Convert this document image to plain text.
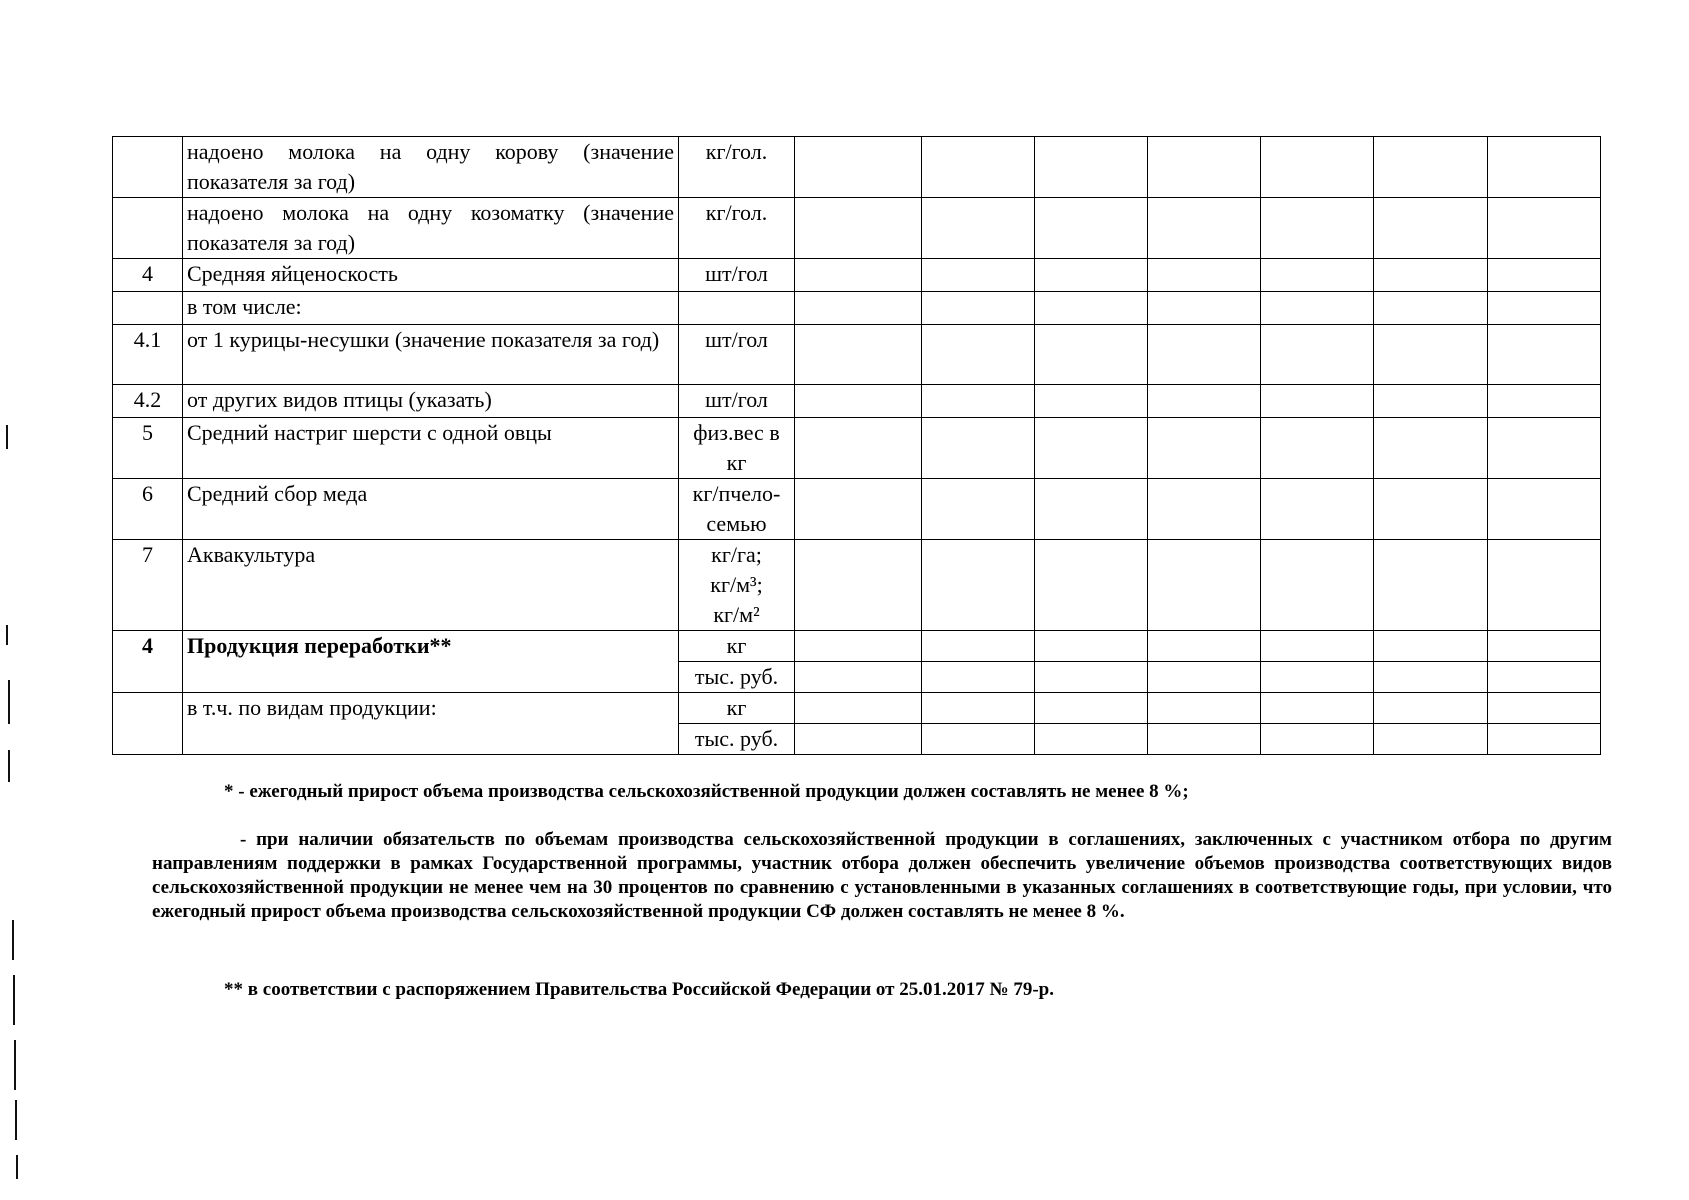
	надоено молока на одну корову (значение показателя за год)	кг/гол.							

	надоено молока на одну козоматку (значение показателя за год)	кг/гол.							

4	Средняя яйценоскость	шт/гол							

	в том числе:	

4.1	от 1 курицы-несушки (значение показателя за год)	шт/гол							

4.2	от других видов птицы (указать)	шт/гол							

5	Средний настриг шерсти с одной овцы	физ.вес в
кг							

6	Средний сбор меда	кг/пчело-
семью							

7	Аквакультура	кг/га;
кг/м³;
кг/м²							

4	Продукция переработки**	кг							
		тыс. руб.							
	в т.ч. по видам продукции:	кг							
		тыс. руб.							
* - ежегодный прирост объема производства сельскохозяйственной продукции должен составлять не менее 8 %;
- при наличии обязательств по объемам производства сельскохозяйственной продукции в соглашениях, заключенных с участником отбора по другим направлениям поддержки в рамках Государственной программы, участник отбора должен обеспечить увеличение объемов производства соответствующих видов сельскохозяйственной продукции не менее чем на 30 процентов по сравнению с установленными в указанных соглашениях в соответствующие годы, при условии, что ежегодный прирост объема производства сельскохозяйственной продукции СФ должен составлять не менее 8 %.
** в соответствии с распоряжением Правительства Российской Федерации от 25.01.2017 № 79-р.
